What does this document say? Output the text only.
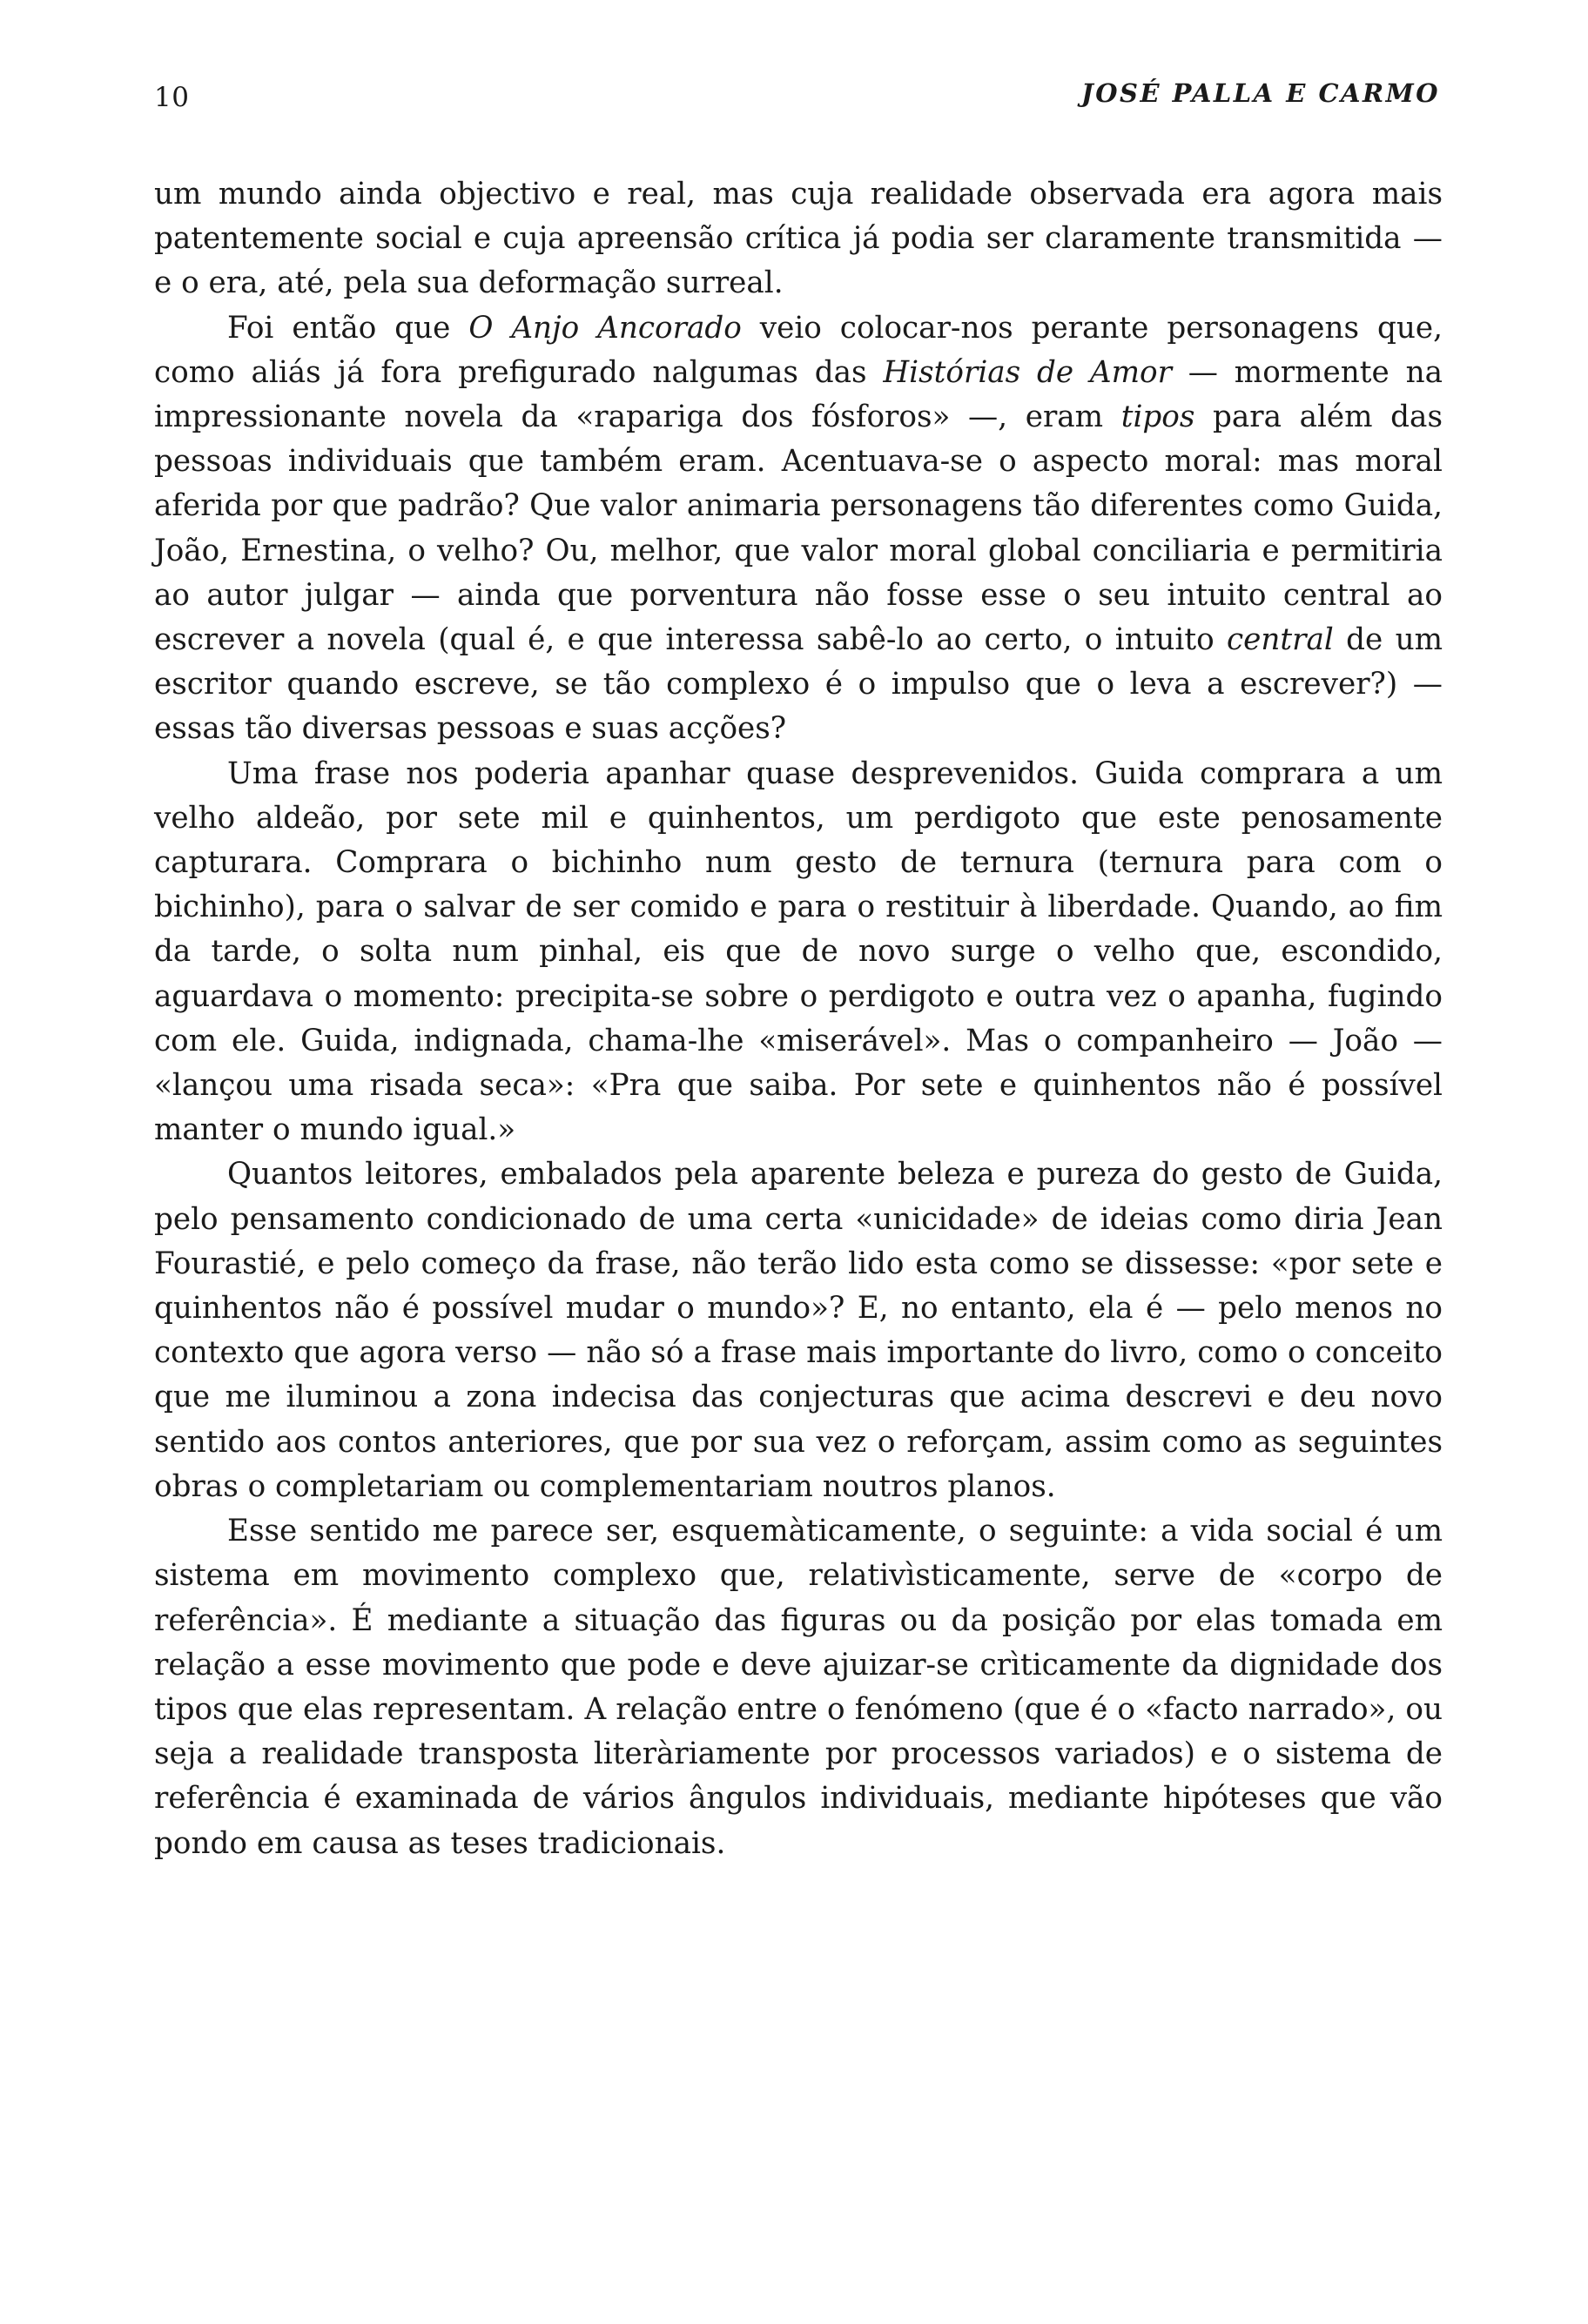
10	JOSÉ PALLA E CARMO

um mundo ainda objectivo e real, mas cuja realidade observada era agora mais patentemente social e cuja apreensão crítica já podia ser claramente transmitida — e o era, até, pela sua deformação surreal.

Foi então que O Anjo Ancorado veio colocar-nos perante personagens que, como aliás já fora prefigurado nalgumas das Histórias de Amor — mormente na impressionante novela da «rapariga dos fósforos» —, eram tipos para além das pessoas individuais que também eram. Acentuava-se o aspecto moral: mas moral aferida por que padrão? Que valor animaria personagens tão diferentes como Guida, João, Ernestina, o velho? Ou, melhor, que valor moral global conciliaria e permitiria ao autor julgar — ainda que porventura não fosse esse o seu intuito central ao escrever a novela (qual é, e que interessa sabê-lo ao certo, o intuito central de um escritor quando escreve, se tão complexo é o impulso que o leva a escrever?) — essas tão diversas pessoas e suas acções?

Uma frase nos poderia apanhar quase desprevenidos. Guida comprara a um velho aldeão, por sete mil e quinhentos, um perdigoto que este penosamente capturara. Comprara o bichinho num gesto de ternura (ternura para com o bichinho), para o salvar de ser comido e para o restituir à liberdade. Quando, ao fim da tarde, o solta num pinhal, eis que de novo surge o velho que, escondido, aguardava o momento: precipita-se sobre o perdigoto e outra vez o apanha, fugindo com ele. Guida, indignada, chama-lhe «miserável». Mas o companheiro — João — «lançou uma risada seca»: «Pra que saiba. Por sete e quinhentos não é possível manter o mundo igual.»

Quantos leitores, embalados pela aparente beleza e pureza do gesto de Guida, pelo pensamento condicionado de uma certa «unicidade» de ideias como diria Jean Fourastié, e pelo começo da frase, não terão lido esta como se dissesse: «por sete e quinhentos não é possível mudar o mundo»? E, no entanto, ela é — pelo menos no contexto que agora verso — não só a frase mais importante do livro, como o conceito que me iluminou a zona indecisa das conjecturas que acima descrevi e deu novo sentido aos contos anteriores, que por sua vez o reforçam, assim como as seguintes obras o completariam ou complementariam noutros planos.

Esse sentido me parece ser, esquemàticamente, o seguinte: a vida social é um sistema em movimento complexo que, relativìsticamente, serve de «corpo de referência». É mediante a situação das figuras ou da posição por elas tomada em relação a esse movimento que pode e deve ajuizar-se crìticamente da dignidade dos tipos que elas representam. A relação entre o fenómeno (que é o «facto narrado», ou seja a realidade transposta literàriamente por processos variados) e o sistema de referência é examinada de vários ângulos individuais, mediante hipóteses que vão pondo em causa as teses tradicionais.
